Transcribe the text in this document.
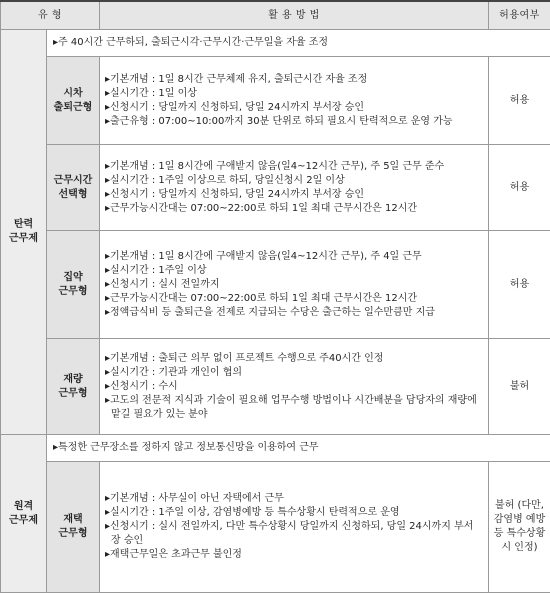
유 형		활 용 방 법	허용여부

탄력
근무제	▸주 40시간 근무하되, 출퇴근시각·근무시간·근무일을 자율 조정		

	시차
출퇴근형	▸기본개념 : 1일 8시간 근무체제 유지, 출퇴근시간 자율 조정
▸실시기간 : 1일 이상
▸신청시기 : 당일까지 신청하되, 당일 24시까지 부서장 승인
▸출근유형 : 07:00~10:00까지 30분 단위로 하되 필요시 탄력적으로 운영 가능	허용

	근무시간
선택형	▸기본개념 : 1일 8시간에 구애받지 않음(일4~12시간 근무), 주 5일 근무 준수
▸실시기간 : 1주일 이상으로 하되, 당일신청시 2일 이상
▸신청시기 : 당일까지 신청하되, 당일 24시까지 부서장 승인
▸근무가능시간대는 07:00~22:00로 하되 1일 최대 근무시간은 12시간	허용

	집약
근무형	▸기본개념 : 1일 8시간에 구애받지 않음(일4~12시간 근무), 주 4일 근무
▸실시기간 : 1주일 이상
▸신청시기 : 실시 전일까지
▸근무가능시간대는 07:00~22:00로 하되 1일 최대 근무시간은 12시간
▸정액급식비 등 출퇴근을 전제로 지급되는 수당은 출근하는 일수만큼만 지급	허용

	재량
근무형	▸기본개념 : 출퇴근 의무 없이 프로젝트 수행으로 주40시간 인정
▸실시기간 : 기관과 개인이 협의
▸신청시기 : 수시
▸고도의 전문적 지식과 기술이 필요해 업무수행 방법이나 시간배분을 담당자의 재량에 맡길 필요가 있는 분야	불허

원격
근무제	▸특정한 근무장소를 정하지 않고 정보통신망을 이용하여 근무		

	재택
근무형	▸기본개념 : 사무실이 아닌 자택에서 근무
▸실시기간 : 1주일 이상, 감염병예방 등 특수상황시 탄력적으로 운영
▸신청시기 : 실시 전일까지, 다만 특수상황시 당일까지 신청하되, 당일 24시까지 부서장 승인
▸재택근무일은 초과근무 불인정	불허 (다만, 감염병 예방 등 특수상황 시 인정)
